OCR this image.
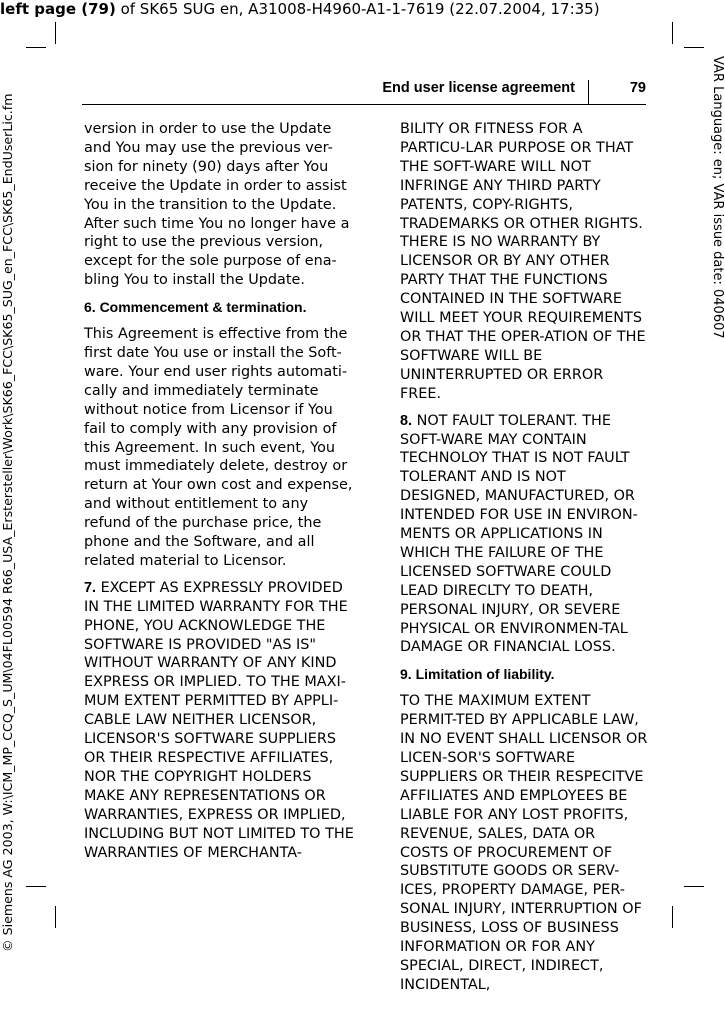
left page (79) of SK65 SUG en, A31008-H4960-A1-1-7619 (22.07.2004, 17:35)
© Siemens AG 2003, W:\ICM_MP_CCQ_S_UM\04FL00594 R66_USA_Erstersteller\Work\SK66_FCC\SK65_SUG_en_FCC\SK65_EndUserLic.fm	VAR Language: en; VAR issue date: 040607
End user license agreement	79

version in order to use the Update and You may use the previous ver-sion for ninety (90) days after You receive the Update in order to assist You in the transition to the Update. After such time You no longer have a right to use the previous version, except for the sole purpose of ena-bling You to install the Update.

6. Commencement & termination.

This Agreement is effective from the first date You use or install the Soft-ware. Your end user rights automati-cally and immediately terminate without notice from Licensor if You fail to comply with any provision of this Agreement. In such event, You must immediately delete, destroy or return at Your own cost and expense, and without entitlement to any refund of the purchase price, the phone and the Software, and all related material to Licensor.

7. EXCEPT AS EXPRESSLY PROVIDED IN THE LIMITED WARRANTY FOR THE PHONE, YOU ACKNOWLEDGE THE SOFTWARE IS PROVIDED "AS IS" WITHOUT WARRANTY OF ANY KIND EXPRESS OR IMPLIED. TO THE MAXI-MUM EXTENT PERMITTED BY APPLI-CABLE LAW NEITHER LICENSOR, LICENSOR'S SOFTWARE SUPPLIERS OR THEIR RESPECTIVE AFFILIATES, NOR THE COPYRIGHT HOLDERS MAKE ANY REPRESENTATIONS OR WARRANTIES, EXPRESS OR IMPLIED, INCLUDING BUT NOT LIMITED TO THE WARRANTIES OF MERCHANTA-

BILITY OR FITNESS FOR A PARTICU-LAR PURPOSE OR THAT THE SOFT-WARE WILL NOT INFRINGE ANY THIRD PARTY PATENTS, COPY-RIGHTS, TRADEMARKS OR OTHER RIGHTS. THERE IS NO WARRANTY BY LICENSOR OR BY ANY OTHER PARTY THAT THE FUNCTIONS CONTAINED IN THE SOFTWARE WILL MEET YOUR REQUIREMENTS OR THAT THE OPER-ATION OF THE SOFTWARE WILL BE UNINTERRUPTED OR ERROR FREE.

8. NOT FAULT TOLERANT. THE SOFT-WARE MAY CONTAIN TECHNOLOY THAT IS NOT FAULT TOLERANT AND IS NOT DESIGNED, MANUFACTURED, OR INTENDED FOR USE IN ENVIRON-MENTS OR APPLICATIONS IN WHICH THE FAILURE OF THE LICENSED SOFTWARE COULD LEAD DIRECLTY TO DEATH, PERSONAL INJURY, OR SEVERE PHYSICAL OR ENVIRONMEN-TAL DAMAGE OR FINANCIAL LOSS.

9. Limitation of liability.

TO THE MAXIMUM EXTENT PERMIT-TED BY APPLICABLE LAW, IN NO EVENT SHALL LICENSOR OR LICEN-SOR'S SOFTWARE SUPPLIERS OR THEIR RESPECITVE AFFILIATES AND EMPLOYEES BE LIABLE FOR ANY LOST PROFITS, REVENUE, SALES, DATA OR COSTS OF PROCUREMENT OF SUBSTITUTE GOODS OR SERV-ICES, PROPERTY DAMAGE, PER-SONAL INJURY, INTERRUPTION OF BUSINESS, LOSS OF BUSINESS INFORMATION OR FOR ANY SPECIAL, DIRECT, INDIRECT, INCIDENTAL,
